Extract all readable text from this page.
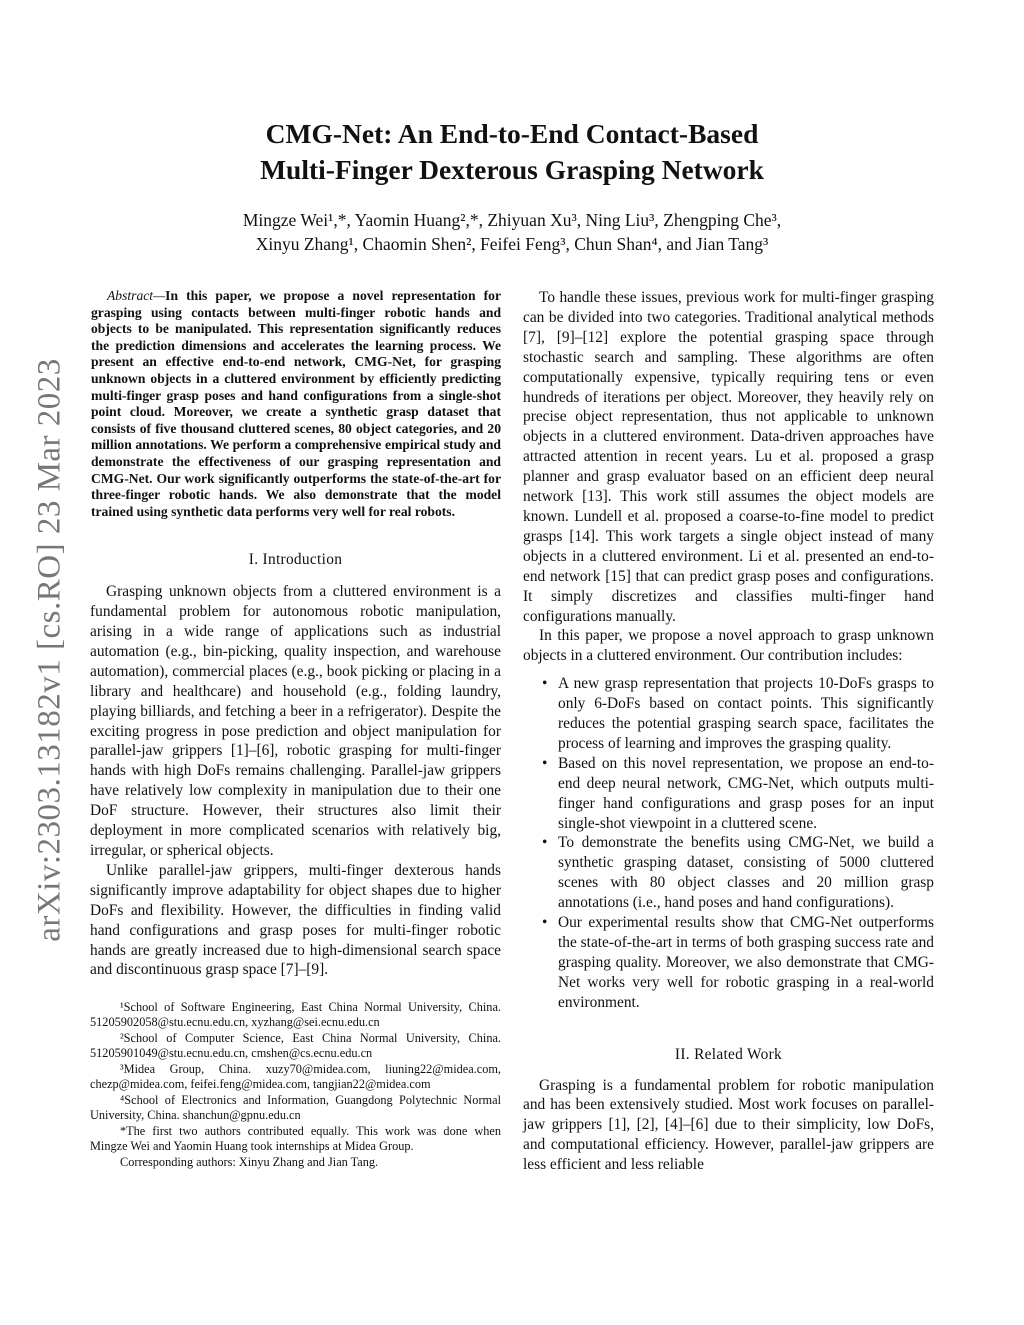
arXiv:2303.13182v1 [cs.RO] 23 Mar 2023
CMG-Net: An End-to-End Contact-Based
Multi-Finger Dexterous Grasping Network
Mingze Wei¹,*, Yaomin Huang²,*, Zhiyuan Xu³, Ning Liu³, Zhengping Che³,
Xinyu Zhang¹, Chaomin Shen², Feifei Feng³, Chun Shan⁴, and Jian Tang³

Abstract—In this paper, we propose a novel representation for grasping using contacts between multi-finger robotic hands and objects to be manipulated. This representation significantly reduces the prediction dimensions and accelerates the learning process. We present an effective end-to-end network, CMG-Net, for grasping unknown objects in a cluttered environment by efficiently predicting multi-finger grasp poses and hand configurations from a single-shot point cloud. Moreover, we create a synthetic grasp dataset that consists of five thousand cluttered scenes, 80 object categories, and 20 million annotations. We perform a comprehensive empirical study and demonstrate the effectiveness of our grasping representation and CMG-Net. Our work significantly outperforms the state-of-the-art for three-finger robotic hands. We also demonstrate that the model trained using synthetic data performs very well for real robots.

I. Introduction

Grasping unknown objects from a cluttered environment is a fundamental problem for autonomous robotic manipulation, arising in a wide range of applications such as industrial automation (e.g., bin-picking, quality inspection, and warehouse automation), commercial places (e.g., book picking or placing in a library and healthcare) and household (e.g., folding laundry, playing billiards, and fetching a beer in a refrigerator). Despite the exciting progress in pose prediction and object manipulation for parallel-jaw grippers [1]–[6], robotic grasping for multi-finger hands with high DoFs remains challenging. Parallel-jaw grippers have relatively low complexity in manipulation due to their one DoF structure. However, their structures also limit their deployment in more complicated scenarios with relatively big, irregular, or spherical objects.

Unlike parallel-jaw grippers, multi-finger dexterous hands significantly improve adaptability for object shapes due to higher DoFs and flexibility. However, the difficulties in finding valid hand configurations and grasp poses for multi-finger robotic hands are greatly increased due to high-dimensional search space and discontinuous grasp space [7]–[9].

¹School of Software Engineering, East China Normal University, China. 51205902058@stu.ecnu.edu.cn, xyzhang@sei.ecnu.edu.cn

²School of Computer Science, East China Normal University, China. 51205901049@stu.ecnu.edu.cn, cmshen@cs.ecnu.edu.cn

³Midea Group, China. xuzy70@midea.com, liuning22@midea.com, chezp@midea.com, feifei.feng@midea.com, tangjian22@midea.com

⁴School of Electronics and Information, Guangdong Polytechnic Normal University, China. shanchun@gpnu.edu.cn

*The first two authors contributed equally. This work was done when Mingze Wei and Yaomin Huang took internships at Midea Group.

Corresponding authors: Xinyu Zhang and Jian Tang.

To handle these issues, previous work for multi-finger grasping can be divided into two categories. Traditional analytical methods [7], [9]–[12] explore the potential grasping space through stochastic search and sampling. These algorithms are often computationally expensive, typically requiring tens or even hundreds of iterations per object. Moreover, they heavily rely on precise object representation, thus not applicable to unknown objects in a cluttered environment. Data-driven approaches have attracted attention in recent years. Lu et al. proposed a grasp planner and grasp evaluator based on an efficient deep neural network [13]. This work still assumes the object models are known. Lundell et al. proposed a coarse-to-fine model to predict grasps [14]. This work targets a single object instead of many objects in a cluttered environment. Li et al. presented an end-to-end network [15] that can predict grasp poses and configurations. It simply discretizes and classifies multi-finger hand configurations manually.

In this paper, we propose a novel approach to grasp unknown objects in a cluttered environment. Our contribution includes:

• A new grasp representation that projects 10-DoFs grasps to only 6-DoFs based on contact points. This significantly reduces the potential grasping search space, facilitates the process of learning and improves the grasping quality.
• Based on this novel representation, we propose an end-to-end deep neural network, CMG-Net, which outputs multi-finger hand configurations and grasp poses for an input single-shot viewpoint in a cluttered scene.
• To demonstrate the benefits using CMG-Net, we build a synthetic grasping dataset, consisting of 5000 cluttered scenes with 80 object classes and 20 million grasp annotations (i.e., hand poses and hand configurations).
• Our experimental results show that CMG-Net outperforms the state-of-the-art in terms of both grasping success rate and grasping quality. Moreover, we also demonstrate that CMG-Net works very well for robotic grasping in a real-world environment.
II. Related Work

Grasping is a fundamental problem for robotic manipulation and has been extensively studied. Most work focuses on parallel-jaw grippers [1], [2], [4]–[6] due to their simplicity, low DoFs, and computational efficiency. However, parallel-jaw grippers are less efficient and less reliable
